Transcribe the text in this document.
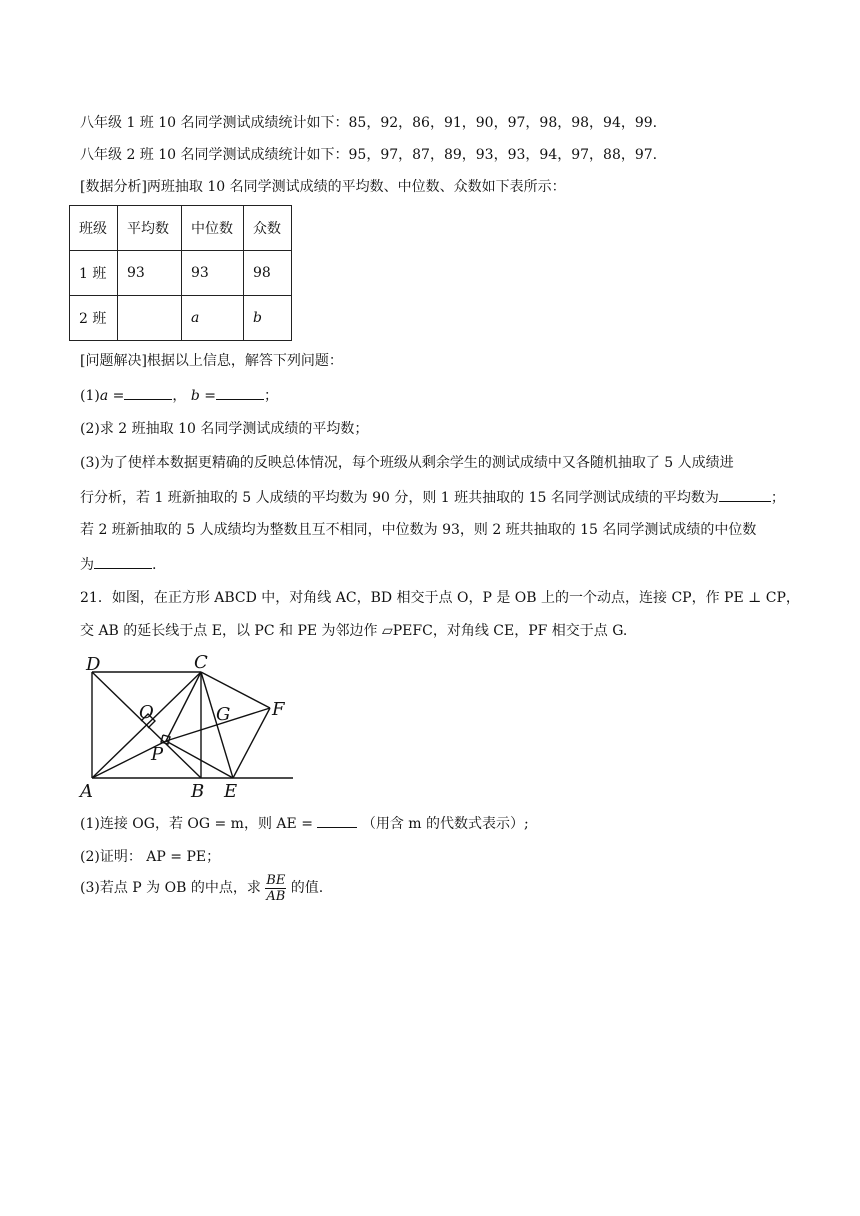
八年级 1 班 10 名同学测试成绩统计如下：85，92，86，91，90，97，98，98，94，99.
八年级 2 班 10 名同学测试成绩统计如下：95，97，87，89，93，93，94，97，88，97.
[数据分析]两班抽取 10 名同学测试成绩的平均数、中位数、众数如下表所示：
班级	平均数	中位数	众数
1 班	93	93	98
2 班		a	b
[问题解决]根据以上信息，解答下列问题：
(1)a =	， b =	；
(2)求 2 班抽取 10 名同学测试成绩的平均数；
(3)为了使样本数据更精确的反映总体情况，每个班级从剩余学生的测试成绩中又各随机抽取了 5 人成绩进
行分析，若 1 班新抽取的 5 人成绩的平均数为 90 分，则 1 班共抽取的 15 名同学测试成绩的平均数为	；
若 2 班新抽取的 5 人成绩均为整数且互不相同，中位数为 93，则 2 班共抽取的 15 名同学测试成绩的中位数
为	.
21．如图，在正方形 ABCD 中，对角线 AC，BD 相交于点 O，P 是 OB 上的一个动点，连接 CP，作 PE ⊥ CP，
交 AB 的延长线于点 E，以 PC 和 PE 为邻边作 ▱PEFC，对角线 CE，PF 相交于点 G.
D	C
O	G F
P
A	B E
(1)连接 OG，若 OG = m，则 AE =	（用含 m 的代数式表示）;
(2)证明： AP = PE；
(3)若点 P 为 OB 的中点，求 $\frac{BE}{AB}$ 的值.
